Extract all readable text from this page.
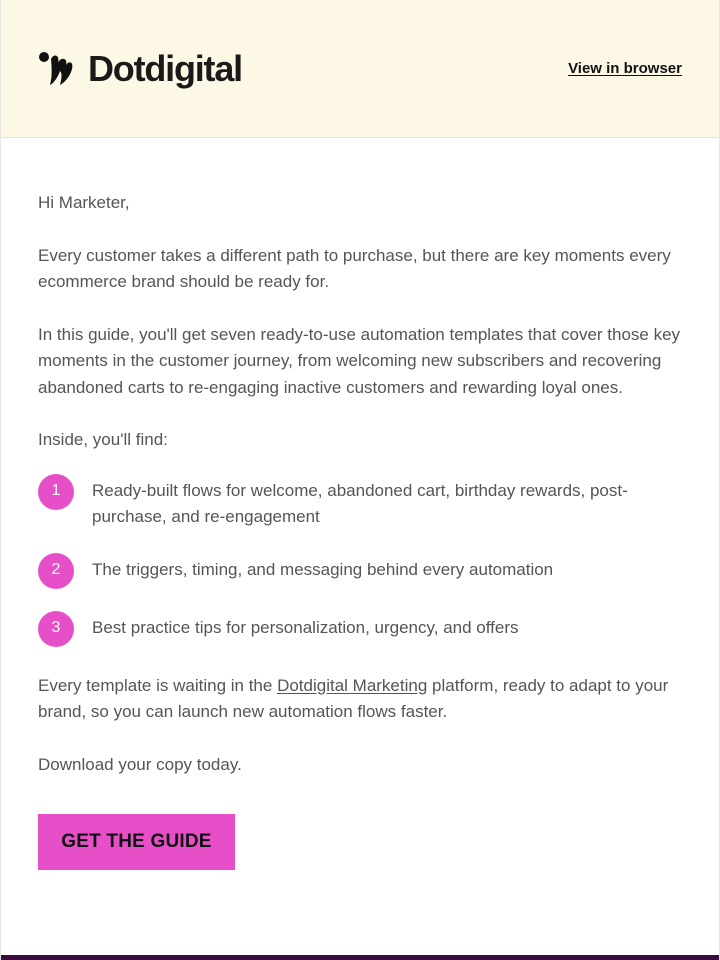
Dotdigital	View in browser

Hi Marketer,

Every customer takes a different path to purchase, but there are key moments every ecommerce brand should be ready for.

In this guide, you'll get seven ready-to-use automation templates that cover those key moments in the customer journey, from welcoming new subscribers and recovering abandoned carts to re-engaging inactive customers and rewarding loyal ones.

Inside, you'll find:

1	Ready-built flows for welcome, abandoned cart, birthday rewards, post-purchase, and re-engagement
2	The triggers, timing, and messaging behind every automation
3	Best practice tips for personalization, urgency, and offers

Every template is waiting in the Dotdigital Marketing platform, ready to adapt to your brand, so you can launch new automation flows faster.

Download your copy today.

GET THE GUIDE
